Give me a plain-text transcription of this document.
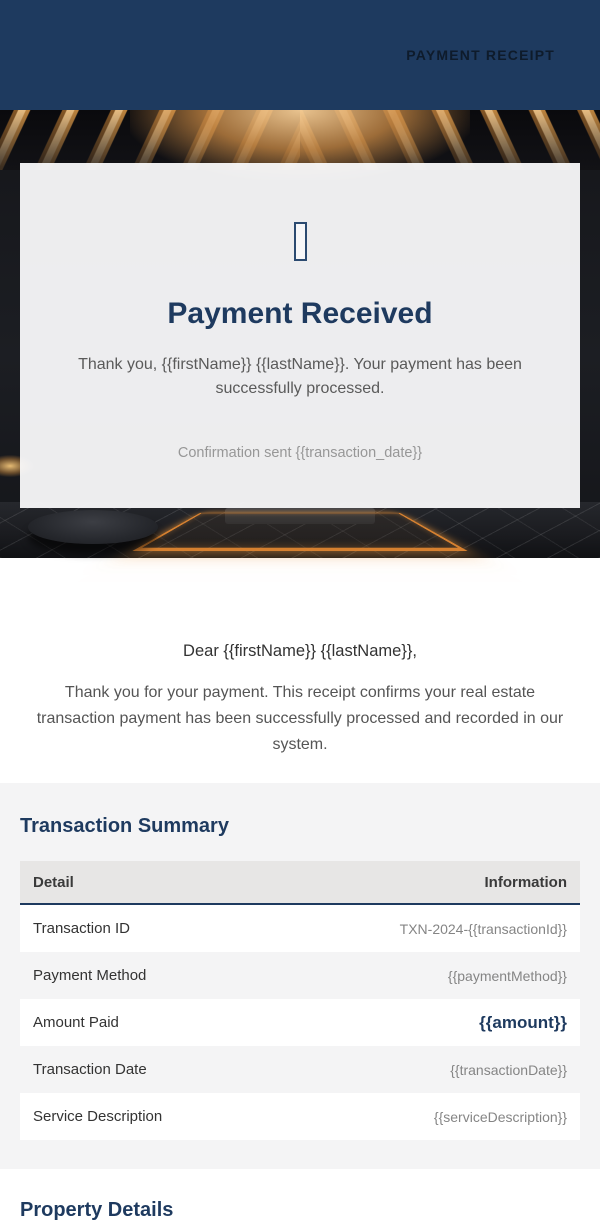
PAYMENT RECEIPT
Payment Received

Thank you, {{firstName}} {{lastName}}. Your payment has been successfully processed.

Confirmation sent {{transaction_date}}

Dear {{firstName}} {{lastName}},

Thank you for your payment. This receipt confirms your real estate transaction payment has been successfully processed and recorded in our system.

Transaction Summary
Detail	Information
Transaction ID	TXN-2024-{{transactionId}}
Payment Method	{{paymentMethod}}
Amount Paid	{{amount}}
Transaction Date	{{transactionDate}}
Service Description	{{serviceDescription}}
Property Details
